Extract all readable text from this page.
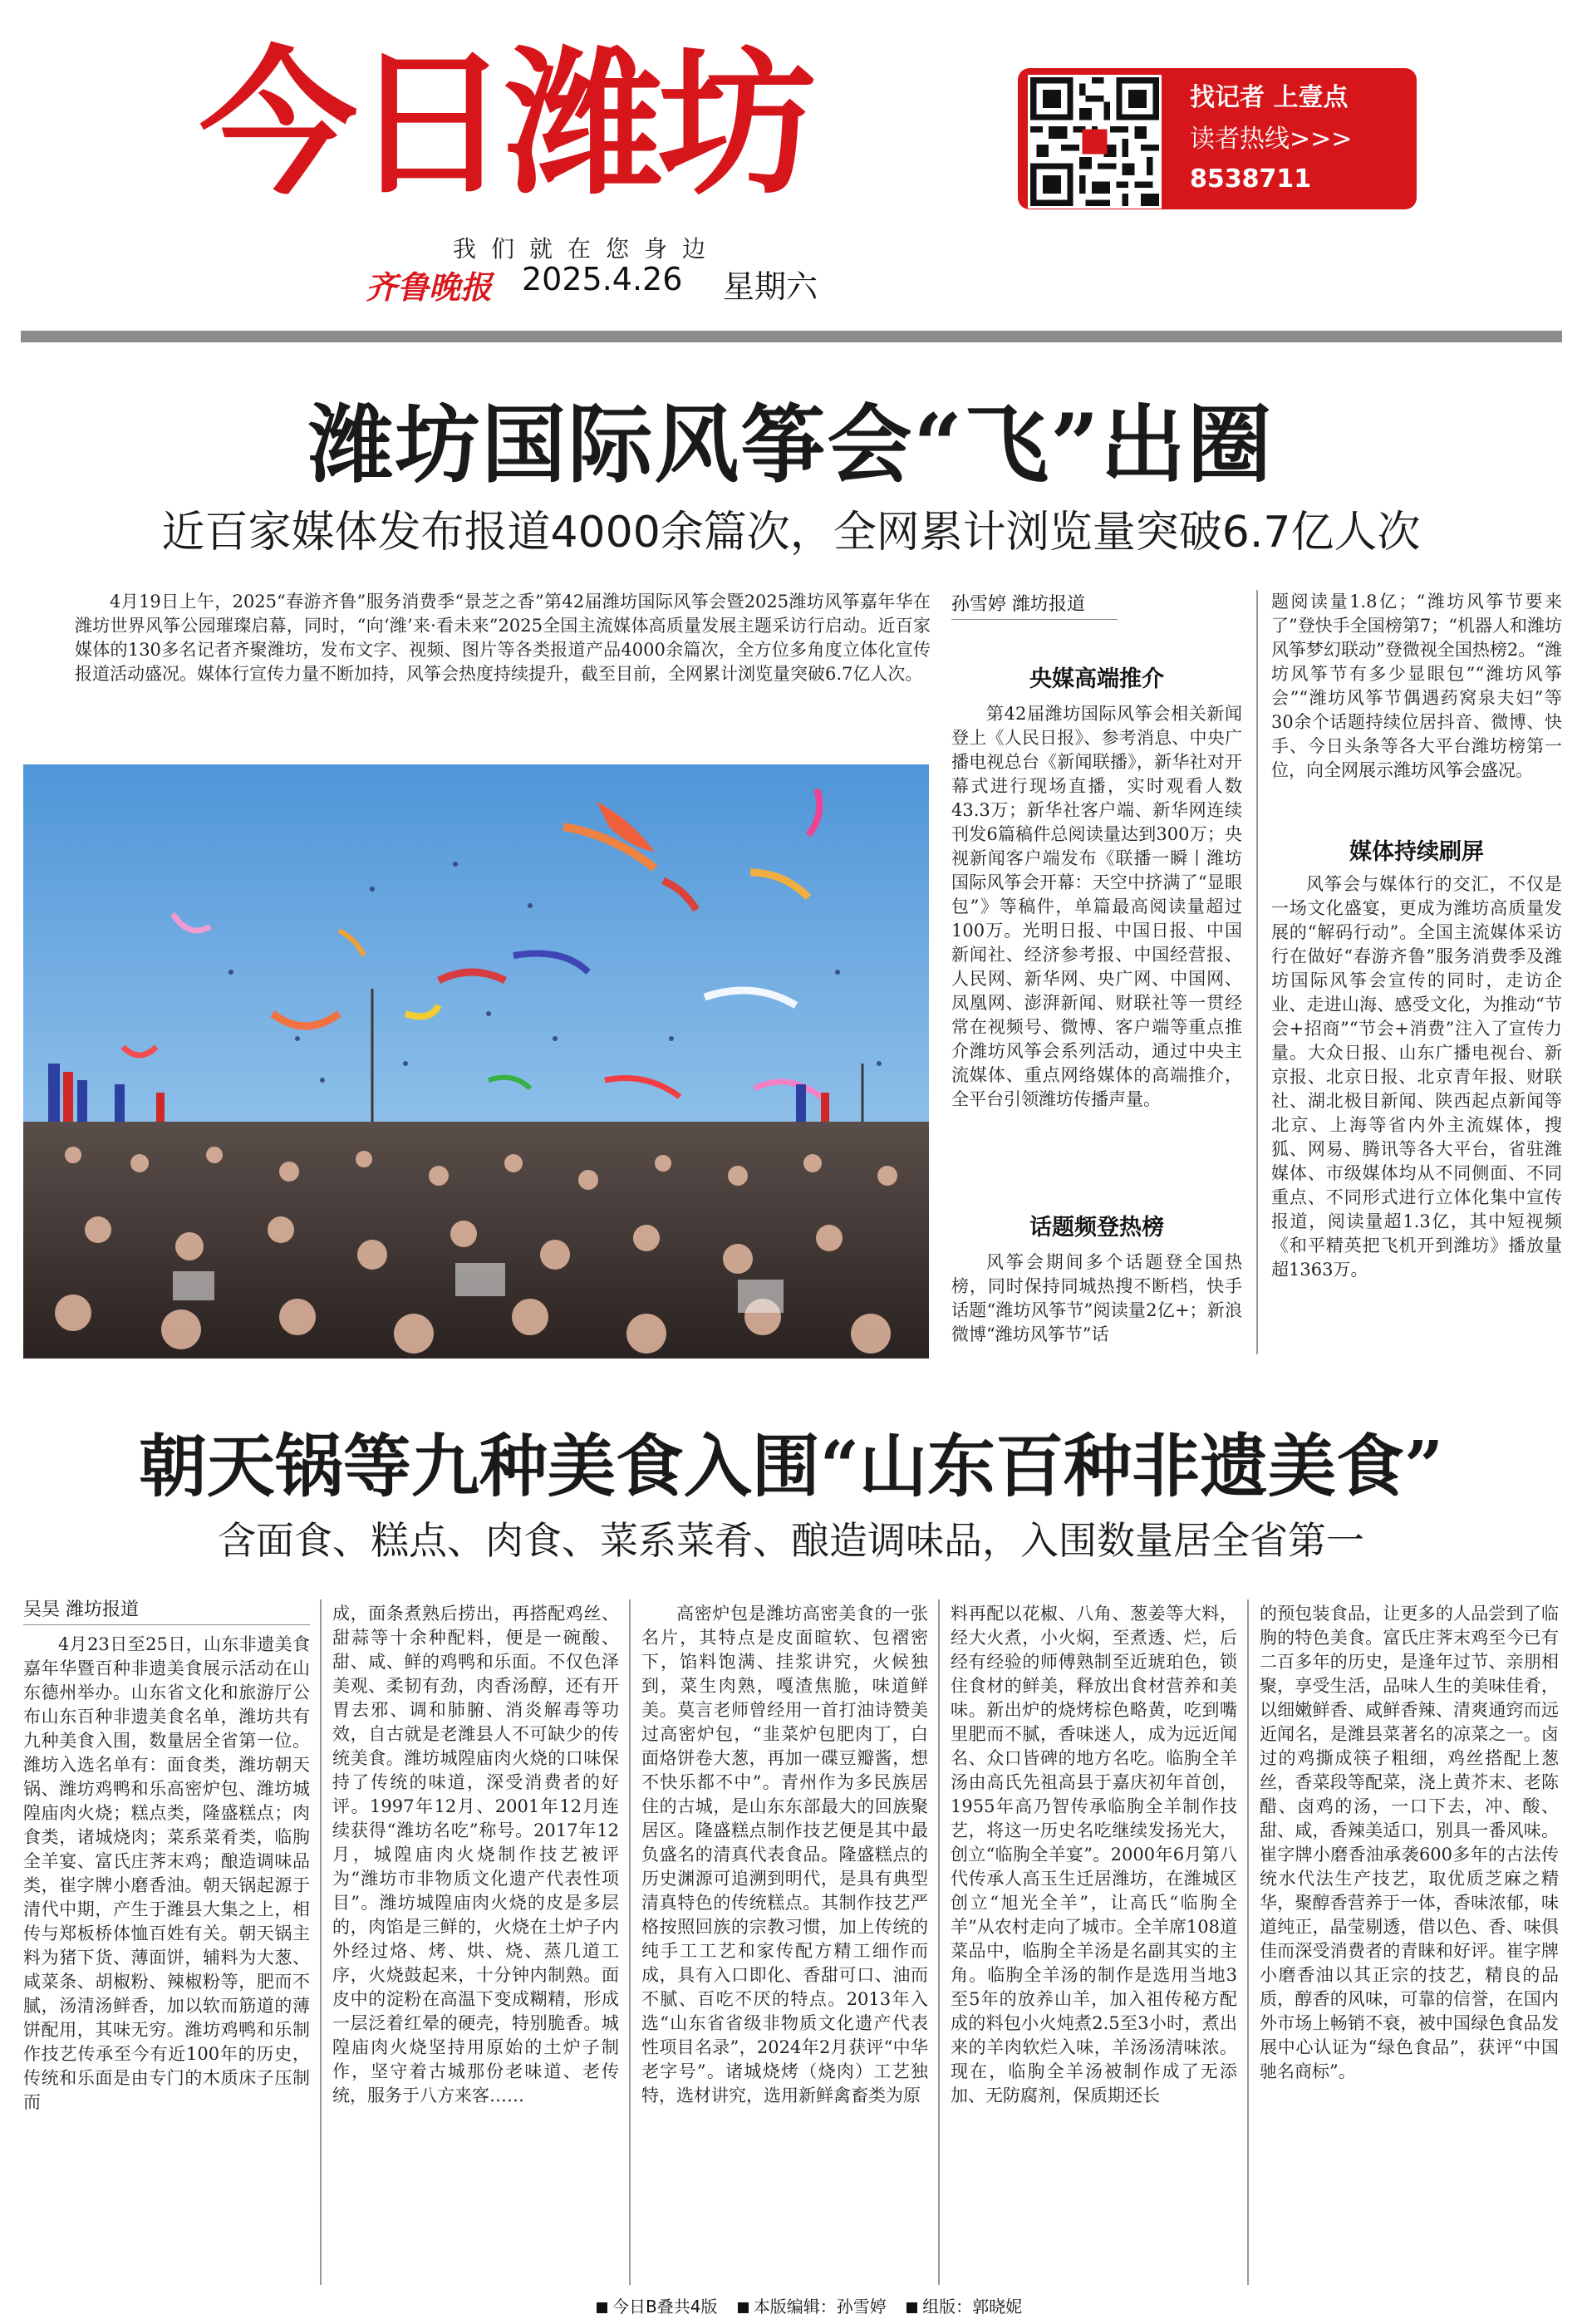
今日潍坊
我们就在您身边
齐鲁晚报 2025.4.26 星期六
找记者 上壹点
读者热线>>>
8538711
潍坊国际风筝会“飞”出圈
近百家媒体发布报道4000余篇次，全网累计浏览量突破6.7亿人次

4月19日上午，2025“春游齐鲁”服务消费季“景芝之香”第42届潍坊国际风筝会暨2025潍坊风筝嘉年华在潍坊世界风筝公园璀璨启幕，同时，“向‘潍’来·看未来”2025全国主流媒体高质量发展主题采访行启动。近百家媒体的130多名记者齐聚潍坊，发布文字、视频、图片等各类报道产品4000余篇次，全方位多角度立体化宣传报道活动盛况。媒体行宣传力量不断加持，风筝会热度持续提升，截至目前，全网累计浏览量突破6.7亿人次。

孙雪婷 潍坊报道
央媒高端推介

第42届潍坊国际风筝会相关新闻登上《人民日报》、参考消息、中央广播电视总台《新闻联播》，新华社对开幕式进行现场直播，实时观看人数43.3万；新华社客户端、新华网连续刊发6篇稿件总阅读量达到300万；央视新闻客户端发布《联播一瞬丨潍坊国际风筝会开幕：天空中挤满了“显眼包”》等稿件，单篇最高阅读量超过100万。光明日报、中国日报、中国新闻社、经济参考报、中国经营报、人民网、新华网、央广网、中国网、凤凰网、澎湃新闻、财联社等一贯经常在视频号、微博、客户端等重点推介潍坊风筝会系列活动，通过中央主流媒体、重点网络媒体的高端推介，全平台引领潍坊传播声量。

话题频登热榜

风筝会期间多个话题登全国热榜，同时保持同城热搜不断档，快手话题“潍坊风筝节”阅读量2亿+；新浪微博“潍坊风筝节”话

题阅读量1.8亿；“潍坊风筝节要来了”登快手全国榜第7；“机器人和潍坊风筝梦幻联动”登微视全国热榜2。“潍坊风筝节有多少显眼包”“潍坊风筝会”“潍坊风筝节偶遇药窝泉夫妇”等30余个话题持续位居抖音、微博、快手、今日头条等各大平台潍坊榜第一位，向全网展示潍坊风筝会盛况。

媒体持续刷屏

风筝会与媒体行的交汇，不仅是一场文化盛宴，更成为潍坊高质量发展的“解码行动”。全国主流媒体采访行在做好“春游齐鲁”服务消费季及潍坊国际风筝会宣传的同时，走访企业、走进山海、感受文化，为推动“节会+招商”“节会+消费”注入了宣传力量。大众日报、山东广播电视台、新京报、北京日报、北京青年报、财联社、湖北极目新闻、陕西起点新闻等北京、上海等省内外主流媒体，搜狐、网易、腾讯等各大平台，省驻潍媒体、市级媒体均从不同侧面、不同重点、不同形式进行立体化集中宣传报道，阅读量超1.3亿，其中短视频《和平精英把飞机开到潍坊》播放量超1363万。

朝天锅等九种美食入围“山东百种非遗美食”
含面食、糕点、肉食、菜系菜肴、酿造调味品，入围数量居全省第一
吴昊 潍坊报道

4月23日至25日，山东非遗美食嘉年华暨百种非遗美食展示活动在山东德州举办。山东省文化和旅游厅公布山东百种非遗美食名单，潍坊共有九种美食入围，数量居全省第一位。潍坊入选名单有：面食类，潍坊朝天锅、潍坊鸡鸭和乐高密炉包、潍坊城隍庙肉火烧；糕点类，隆盛糕点；肉食类，诸城烧肉；菜系菜肴类，临朐全羊宴、富氏庄荠末鸡；酿造调味品类，崔字牌小磨香油。朝天锅起源于清代中期，产生于潍县大集之上，相传与郑板桥体恤百姓有关。朝天锅主料为猪下货、薄面饼，辅料为大葱、咸菜条、胡椒粉、辣椒粉等，肥而不腻，汤清汤鲜香，加以软而筋道的薄饼配用，其味无穷。潍坊鸡鸭和乐制作技艺传承至今有近100年的历史，传统和乐面是由专门的木质床子压制而

成，面条煮熟后捞出，再搭配鸡丝、甜蒜等十余种配料，便是一碗酸、甜、咸、鲜的鸡鸭和乐面。不仅色泽美观、柔韧有劲，肉香汤醇，还有开胃去邪、调和肺腑、消炎解毒等功效，自古就是老潍县人不可缺少的传统美食。潍坊城隍庙肉火烧的口味保持了传统的味道，深受消费者的好评。1997年12月、2001年12月连续获得“潍坊名吃”称号。2017年12月，城隍庙肉火烧制作技艺被评为“潍坊市非物质文化遗产代表性项目”。潍坊城隍庙肉火烧的皮是多层的，肉馅是三鲜的，火烧在土炉子内外经过烙、烤、烘、烧、蒸几道工序，火烧鼓起来，十分钟内制熟。面皮中的淀粉在高温下变成糊精，形成一层泛着红晕的硬壳，特别脆香。城隍庙肉火烧坚持用原始的土炉子制作，坚守着古城那份老味道、老传统，服务于八方来客……

高密炉包是潍坊高密美食的一张名片，其特点是皮面暄软、包褶密下，馅料饱满、挂浆讲究，火候独到，菜生肉熟，嘎渣焦脆，味道鲜美。莫言老师曾经用一首打油诗赞美过高密炉包，“韭菜炉包肥肉丁，白面烙饼卷大葱，再加一碟豆瓣酱，想不快乐都不中”。青州作为多民族居住的古城，是山东东部最大的回族聚居区。隆盛糕点制作技艺便是其中最负盛名的清真代表食品。隆盛糕点的历史渊源可追溯到明代，是具有典型清真特色的传统糕点。其制作技艺严格按照回族的宗教习惯，加上传统的纯手工工艺和家传配方精工细作而成，具有入口即化、香甜可口、油而不腻、百吃不厌的特点。2013年入选“山东省省级非物质文化遗产代表性项目名录”，2024年2月获评“中华老字号”。诸城烧烤（烧肉）工艺独特，选材讲究，选用新鲜禽畜类为原

料再配以花椒、八角、葱姜等大料，经大火煮，小火焖，至煮透、烂，后经有经验的师傅熟制至近琥珀色，锁住食材的鲜美，释放出食材营养和美味。新出炉的烧烤棕色略黄，吃到嘴里肥而不腻，香味迷人，成为远近闻名、众口皆碑的地方名吃。临朐全羊汤由高氏先祖高县于嘉庆初年首创，1955年高乃智传承临朐全羊制作技艺，将这一历史名吃继续发扬光大，创立“临朐全羊宴”。2000年6月第八代传承人高玉生迁居潍坊，在潍城区创立“旭光全羊”，让高氏“临朐全羊”从农村走向了城市。全羊席108道菜品中，临朐全羊汤是名副其实的主角。临朐全羊汤的制作是选用当地3至5年的放养山羊，加入祖传秘方配成的料包小火炖煮2.5至3小时，煮出来的羊肉软烂入味，羊汤汤清味浓。现在，临朐全羊汤被制作成了无添加、无防腐剂，保质期还长

的预包装食品，让更多的人品尝到了临朐的特色美食。富氏庄荠末鸡至今已有二百多年的历史，是逢年过节、亲朋相聚，享受生活，品味人生的美味佳肴，以细嫩鲜香、咸鲜香辣、清爽通窍而远近闻名，是潍县菜著名的凉菜之一。卤过的鸡撕成筷子粗细，鸡丝搭配上葱丝，香菜段等配菜，浇上黄芥末、老陈醋、卤鸡的汤，一口下去，冲、酸、甜、咸，香辣美适口，别具一番风味。崔字牌小磨香油承袭600多年的古法传统水代法生产技艺，取优质芝麻之精华，聚醇香营养于一体，香味浓郁，味道纯正，晶莹剔透，借以色、香、味俱佳而深受消费者的青睐和好评。崔字牌小磨香油以其正宗的技艺，精良的品质，醇香的风味，可靠的信誉，在国内外市场上畅销不衰，被中国绿色食品发展中心认证为“绿色食品”，获评“中国驰名商标”。

今日B叠共4版 本版编辑：孙雪婷 组版：郭晓妮
